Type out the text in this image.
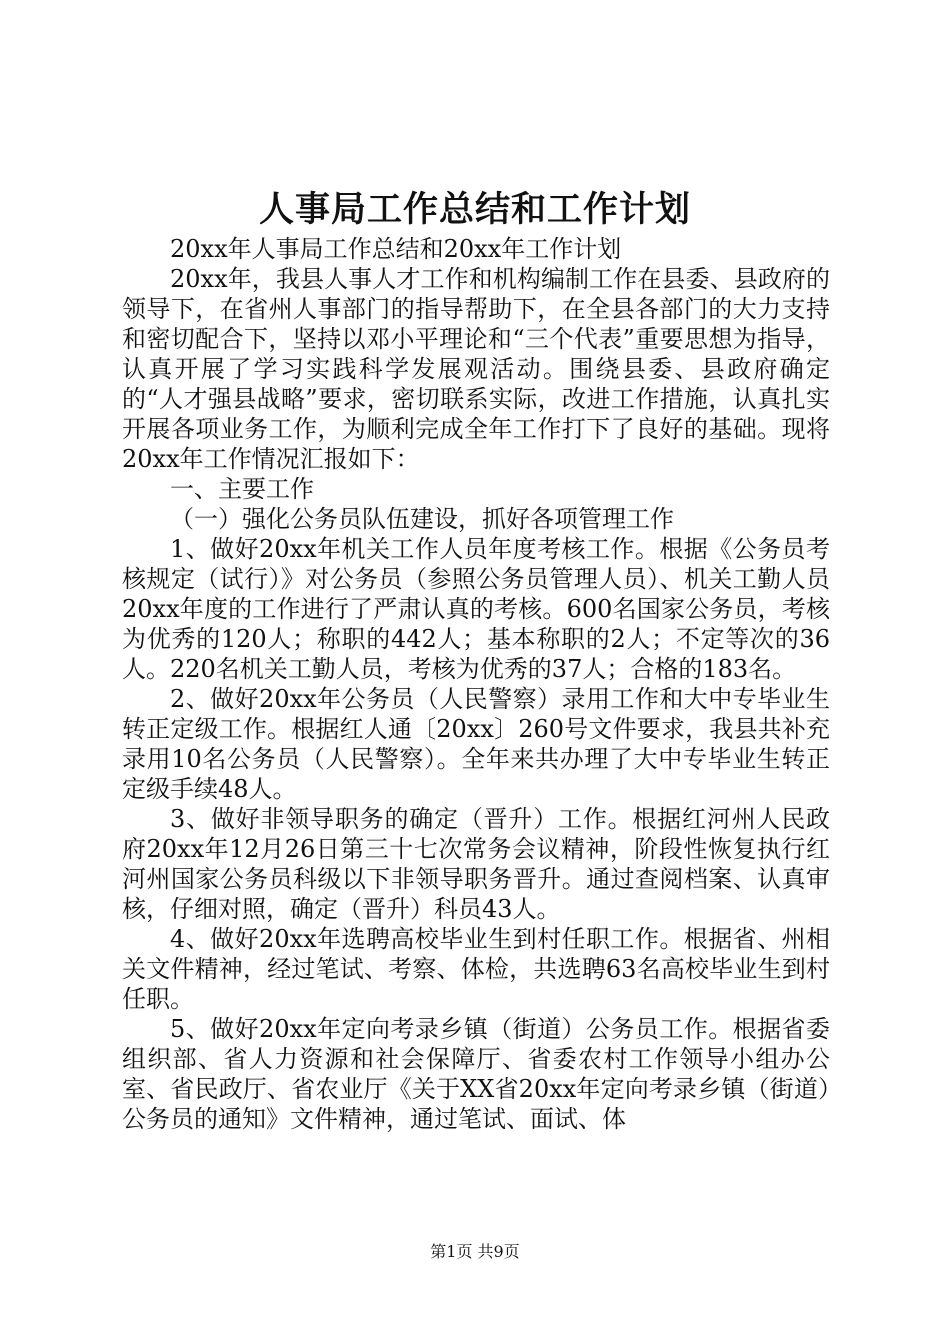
人事局工作总结和工作计划

20xx年人事局工作总结和20xx年工作计划

20xx年，我县人事人才工作和机构编制工作在县委、县政府的领导下，在省州人事部门的指导帮助下，在全县各部门的大力支持和密切配合下，坚持以邓小平理论和“三个代表”重要思想为指导，认真开展了学习实践科学发展观活动。围绕县委、县政府确定的“人才强县战略”要求，密切联系实际，改进工作措施，认真扎实开展各项业务工作，为顺利完成全年工作打下了良好的基础。现将20xx年工作情况汇报如下：

一、主要工作

（一）强化公务员队伍建设，抓好各项管理工作

1、做好20xx年机关工作人员年度考核工作。根据《公务员考核规定（试行）》对公务员（参照公务员管理人员）、机关工勤人员20xx年度的工作进行了严肃认真的考核。600名国家公务员，考核为优秀的120人；称职的442人；基本称职的2人；不定等次的36人。220名机关工勤人员，考核为优秀的37人；合格的183名。

2、做好20xx年公务员（人民警察）录用工作和大中专毕业生转正定级工作。根据红人通〔20xx〕260号文件要求，我县共补充录用10名公务员（人民警察）。全年来共办理了大中专毕业生转正定级手续48人。

3、做好非领导职务的确定（晋升）工作。根据红河州人民政府20xx年12月26日第三十七次常务会议精神，阶段性恢复执行红河州国家公务员科级以下非领导职务晋升。通过查阅档案、认真审核，仔细对照，确定（晋升）科员43人。

4、做好20xx年选聘高校毕业生到村任职工作。根据省、州相关文件精神，经过笔试、考察、体检，共选聘63名高校毕业生到村任职。

5、做好20xx年定向考录乡镇（街道）公务员工作。根据省委组织部、省人力资源和社会保障厅、省委农村工作领导小组办公室、省民政厅、省农业厅《关于XX省20xx年定向考录乡镇（街道）公务员的通知》文件精神，通过笔试、面试、体

第1页 共9页
